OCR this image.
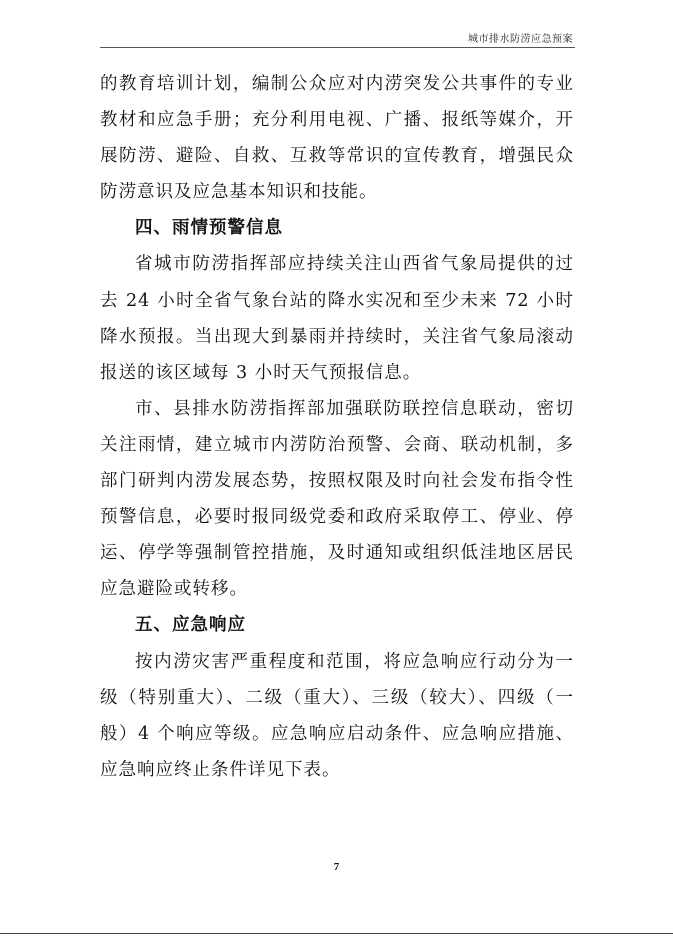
城市排水防涝应急预案

的教育培训计划，编制公众应对内涝突发公共事件的专业教材和应急手册；充分利用电视、广播、报纸等媒介，开展防涝、避险、自救、互救等常识的宣传教育，增强民众防涝意识及应急基本知识和技能。

四、雨情预警信息

省城市防涝指挥部应持续关注山西省气象局提供的过去 24 小时全省气象台站的降水实况和至少未来 72 小时降水预报。当出现大到暴雨并持续时，关注省气象局滚动报送的该区域每 3 小时天气预报信息。

市、县排水防涝指挥部加强联防联控信息联动，密切关注雨情，建立城市内涝防治预警、会商、联动机制，多部门研判内涝发展态势，按照权限及时向社会发布指令性预警信息，必要时报同级党委和政府采取停工、停业、停运、停学等强制管控措施，及时通知或组织低洼地区居民应急避险或转移。

五、应急响应

按内涝灾害严重程度和范围，将应急响应行动分为一级（特别重大）、二级（重大）、三级（较大）、四级（一般）4 个响应等级。应急响应启动条件、应急响应措施、应急响应终止条件详见下表。

7
